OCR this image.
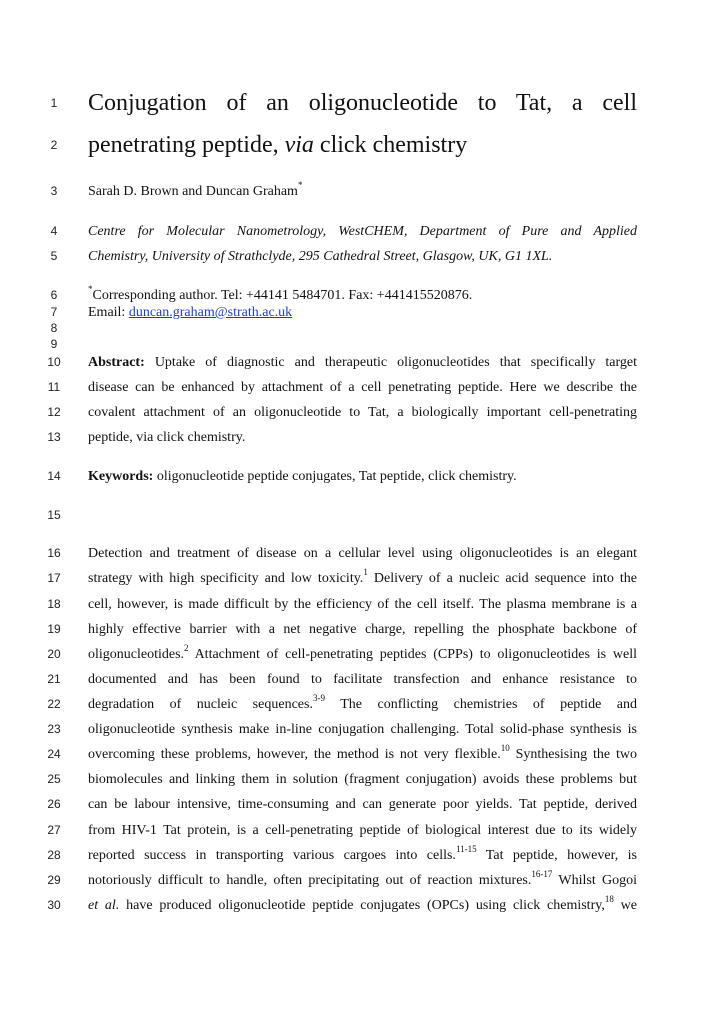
1
2
3
4
5
6
7
8
9
10
11
12
13
14
15
16
17
18
19
20
21
22
23
24
25
26
27
28
29
30
Conjugation of an oligonucleotide to Tat, a cell
penetrating peptide, via click chemistry
Sarah D. Brown and Duncan Graham*
Centre for Molecular Nanometrology, WestCHEM, Department of Pure and Applied
Chemistry, University of Strathclyde, 295 Cathedral Street, Glasgow, UK, G1 1XL.
*Corresponding author. Tel: +44141 5484701. Fax: +441415520876.
Email: duncan.graham@strath.ac.uk
Abstract: Uptake of diagnostic and therapeutic oligonucleotides that specifically target
disease can be enhanced by attachment of a cell penetrating peptide. Here we describe the
covalent attachment of an oligonucleotide to Tat, a biologically important cell-penetrating
peptide, via click chemistry.
Keywords: oligonucleotide peptide conjugates, Tat peptide, click chemistry.
Detection and treatment of disease on a cellular level using oligonucleotides is an elegant
strategy with high specificity and low toxicity.$^1$ Delivery of a nucleic acid sequence into the
cell, however, is made difficult by the efficiency of the cell itself. The plasma membrane is a
highly effective barrier with a net negative charge, repelling the phosphate backbone of
oligonucleotides.$^2$ Attachment of cell-penetrating peptides (CPPs) to oligonucleotides is well
documented and has been found to facilitate transfection and enhance resistance to
degradation of nucleic sequences.$^{3-9}$ The conflicting chemistries of peptide and
oligonucleotide synthesis make in-line conjugation challenging. Total solid-phase synthesis is
overcoming these problems, however, the method is not very flexible.$^{10}$ Synthesising the two
biomolecules and linking them in solution (fragment conjugation) avoids these problems but
can be labour intensive, time-consuming and can generate poor yields. Tat peptide, derived
from HIV-1 Tat protein, is a cell-penetrating peptide of biological interest due to its widely
reported success in transporting various cargoes into cells.$^{11-15}$ Tat peptide, however, is
notoriously difficult to handle, often precipitating out of reaction mixtures.$^{16-17}$ Whilst Gogoi
et al. have produced oligonucleotide peptide conjugates (OPCs) using click chemistry,$^{18}$ we
